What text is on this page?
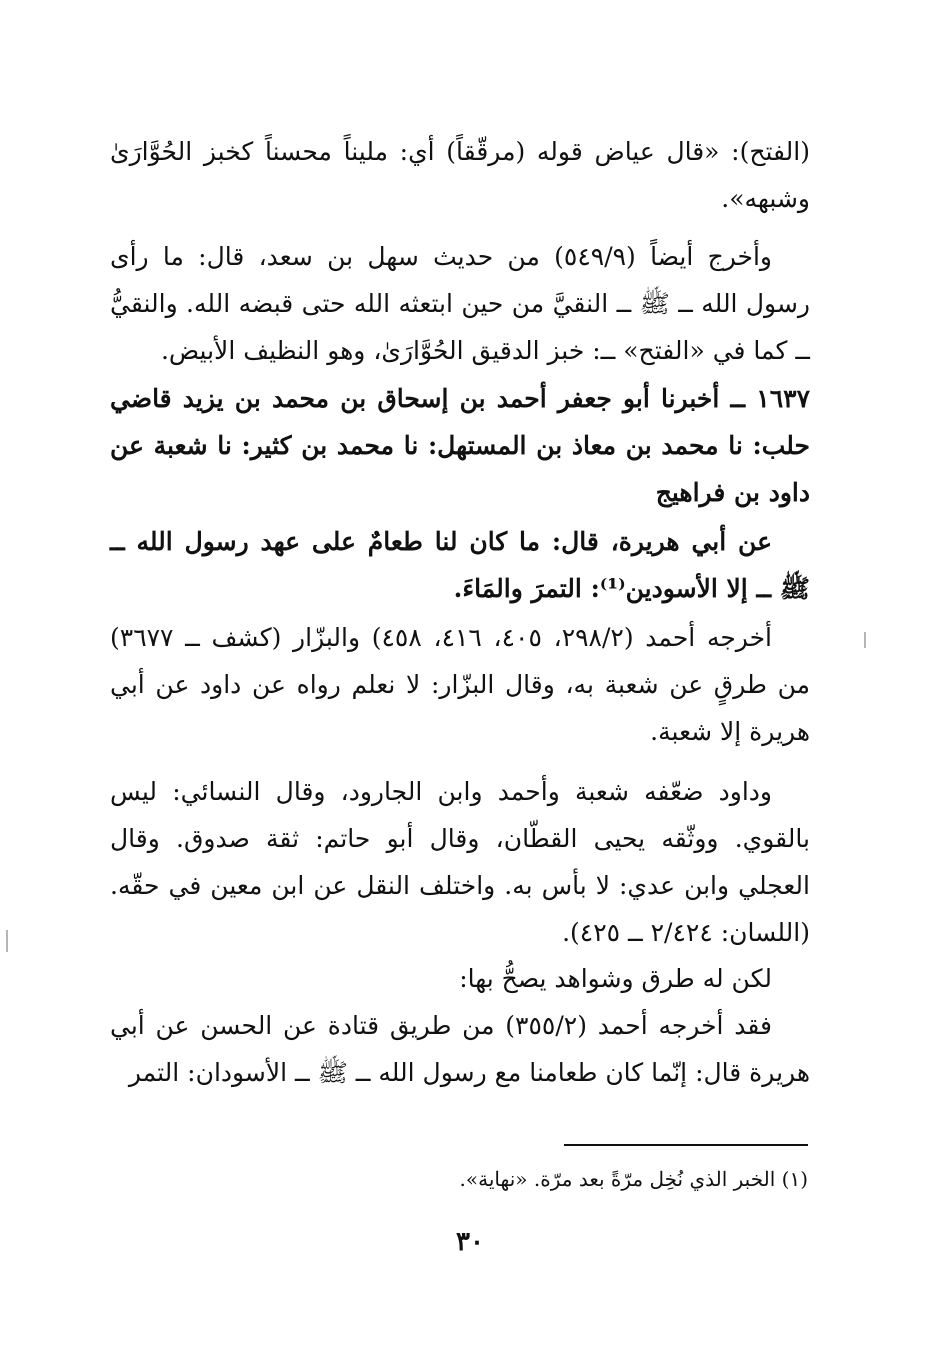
(الفتح): «قال عياض قوله (مرقّقاً) أي: مليناً محسناً كخبز الحُوَّارَىٰ وشبهه».

وأخرج أيضاً (٥٤٩/٩) من حديث سهل بن سعد، قال: ما رأى رسول الله ــ ﷺ ــ النقيَّ من حين ابتعثه الله حتى قبضه الله. والنقيُّ ــ كما في «الفتح» ــ: خبز الدقيق الحُوَّارَىٰ، وهو النظيف الأبيض.

١٦٣٧ ــ أخبرنا أبو جعفر أحمد بن إسحاق بن محمد بن يزيد قاضي حلب: نا محمد بن معاذ بن المستهل: نا محمد بن كثير: نا شعبة عن داود بن فراهيج

عن أبي هريرة، قال: ما كان لنا طعامٌ على عهد رسول الله ــ ﷺ ــ إلا الأسودين⁽¹⁾: التمرَ والمَاءَ.

أخرجه أحمد (٢٩٨/٢، ٤٠٥، ٤١٦، ٤٥٨) والبزّار (كشف ــ ٣٦٧٧) من طرقٍ عن شعبة به، وقال البزّار: لا نعلم رواه عن داود عن أبي هريرة إلا شعبة.

وداود ضعّفه شعبة وأحمد وابن الجارود، وقال النسائي: ليس بالقوي. ووثّقه يحيى القطّان، وقال أبو حاتم: ثقة صدوق. وقال العجلي وابن عدي: لا بأس به. واختلف النقل عن ابن معين في حقّه. (اللسان: ٢/٤٢٤ ــ ٤٢٥).

لكن له طرق وشواهد يصحُّ بها:

فقد أخرجه أحمد (٣٥٥/٢) من طريق قتادة عن الحسن عن أبي هريرة قال: إنّما كان طعامنا مع رسول الله ــ ﷺ ــ الأسودان: التمر

(١) الخبر الذي نُخِل مرّةً بعد مرّة. «نهاية».

٣٠
